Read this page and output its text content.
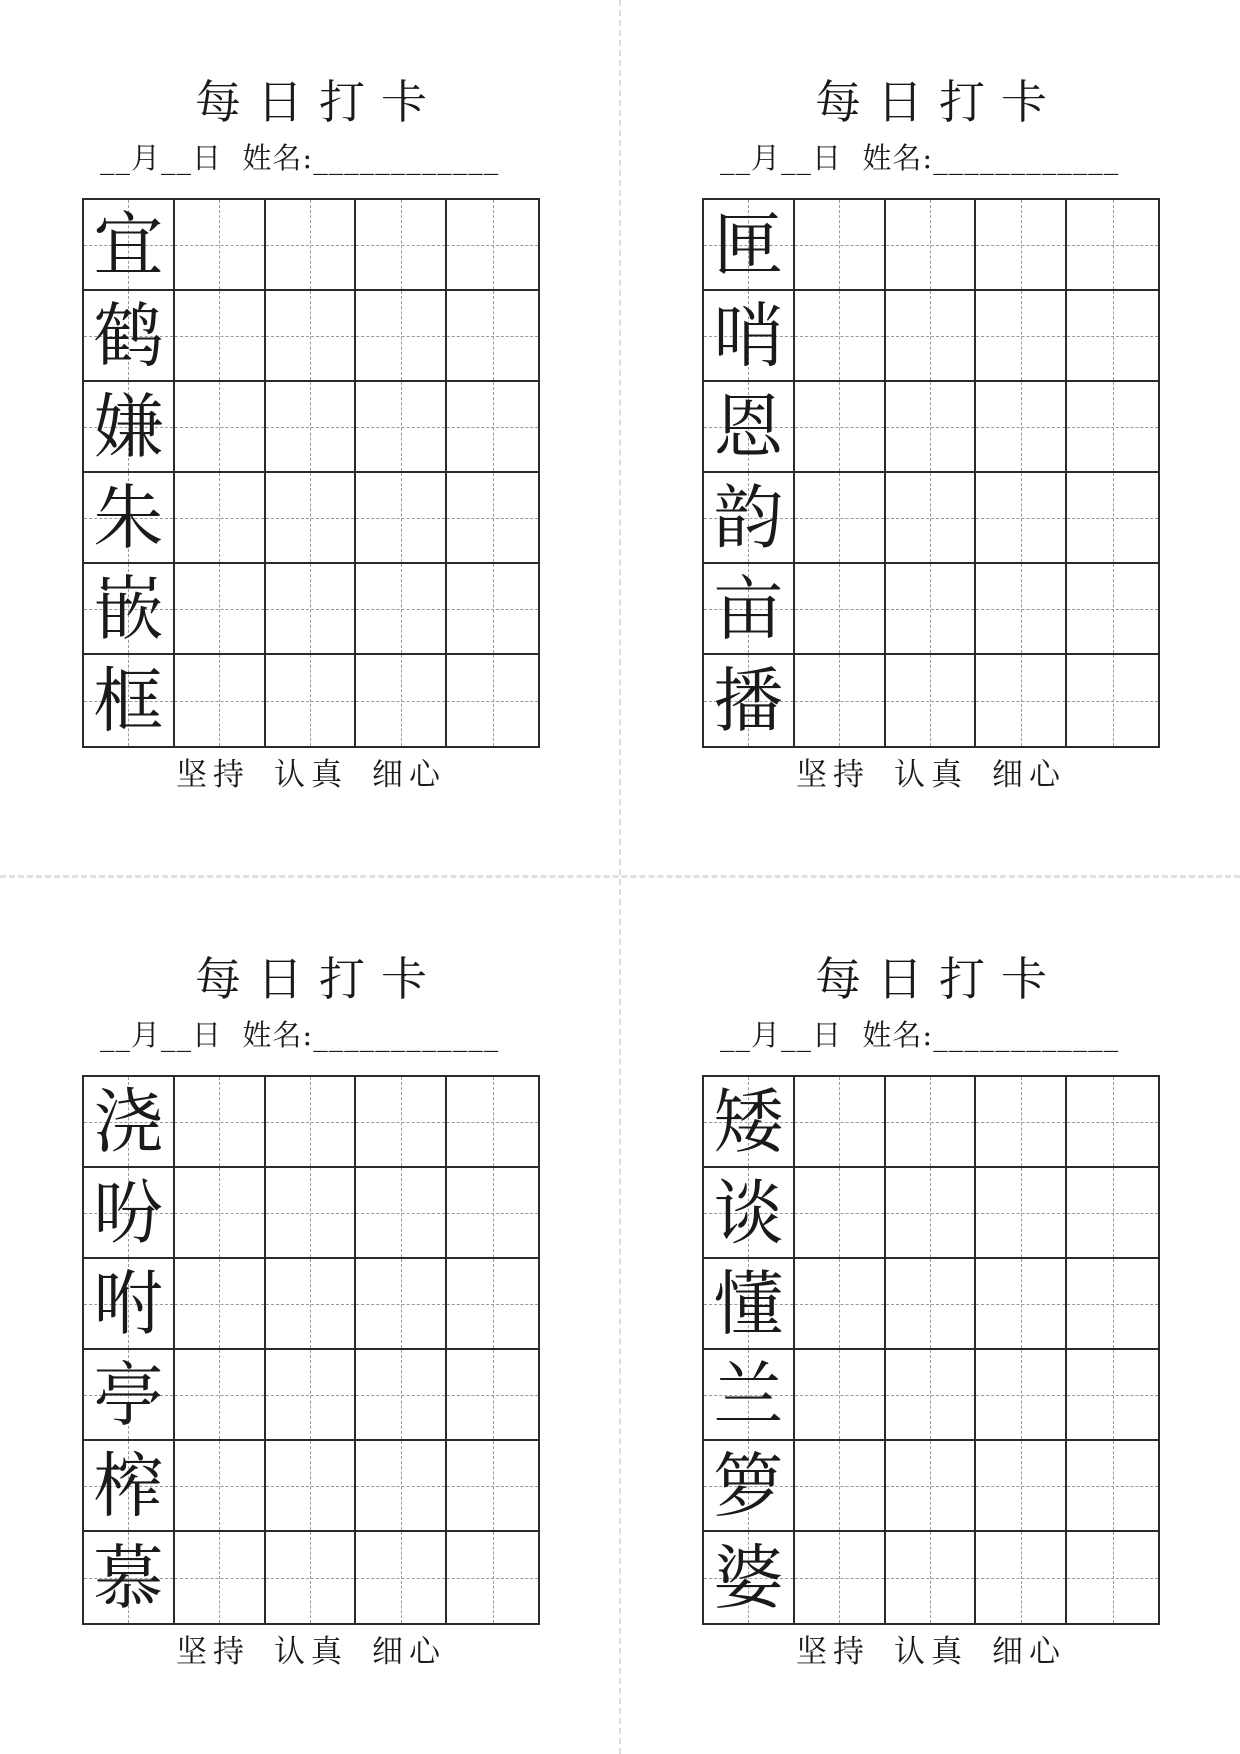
每日打卡
__月__日  姓名:____________
宜
鹤
嫌
朱
嵌
框
坚持 认真 细心
每日打卡
__月__日  姓名:____________
匣
哨
恩
韵
亩
播
坚持 认真 细心
每日打卡
__月__日  姓名:____________
浇
吩
咐
亭
榨
慕
坚持 认真 细心
每日打卡
__月__日  姓名:____________
矮
谈
懂
兰
箩
婆
坚持 认真 细心
